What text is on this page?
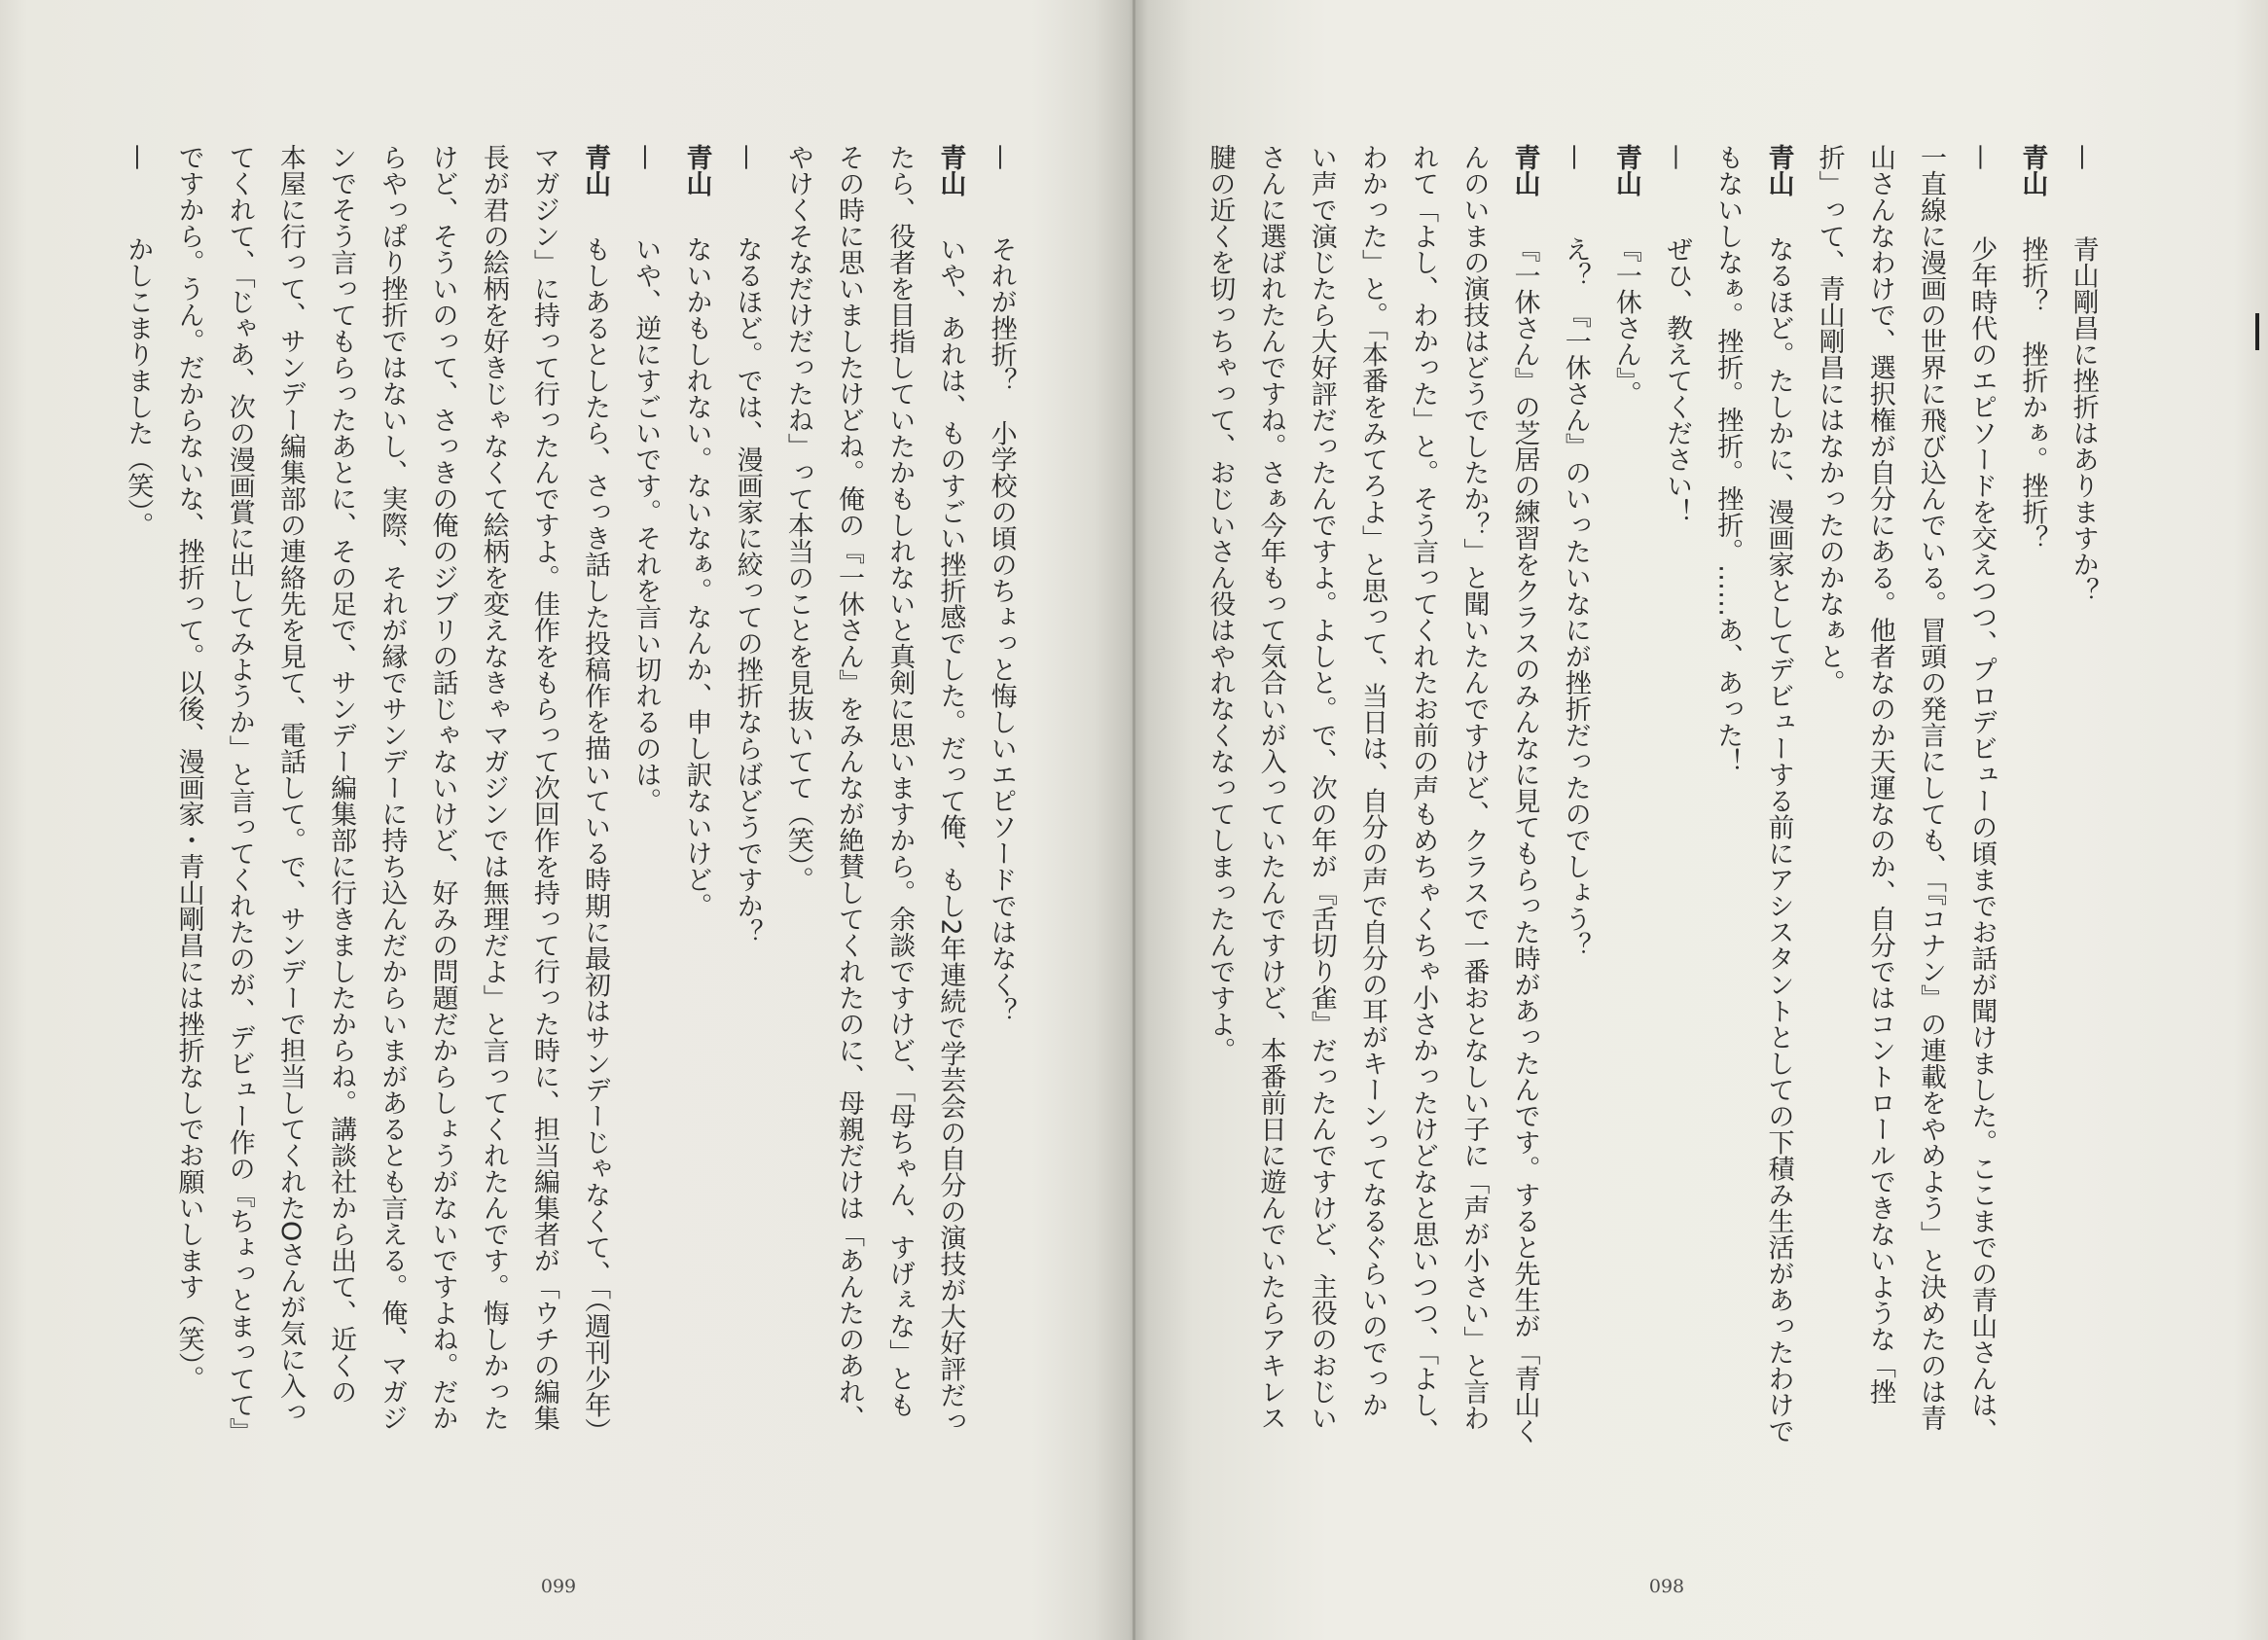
—青山剛昌に挫折はありますか？
青山挫折？　挫折かぁ。挫折？
—少年時代のエピソードを交えつつ、プロデビューの頃までお話が聞けました。ここまでの青山さんは、
一直線に漫画の世界に飛び込んでいる。冒頭の発言にしても、「『コナン』の連載をやめよう」と決めたのは青
山さんなわけで、選択権が自分にある。他者なのか天運なのか、自分ではコントロールできないような「挫
折」って、青山剛昌にはなかったのかなぁと。
青山なるほど。たしかに、漫画家としてデビューする前にアシスタントとしての下積み生活があったわけで
もないしなぁ。挫折。挫折。挫折。……あ、あった！
—ぜひ、教えてください！
青山『一休さん』。
—え？　『一休さん』のいったいなにが挫折だったのでしょう？
青山『一休さん』の芝居の練習をクラスのみんなに見てもらった時があったんです。すると先生が「青山く
んのいまの演技はどうでしたか？」と聞いたんですけど、クラスで一番おとなしい子に「声が小さい」と言わ
れて「よし、わかった」と。そう言ってくれたお前の声もめちゃくちゃ小さかったけどなと思いつつ、「よし、
わかった」と。「本番をみてろよ」と思って、当日は、自分の声で自分の耳がキーンってなるぐらいのでっか
い声で演じたら大好評だったんですよ。よしと。で、次の年が『舌切り雀』だったんですけど、主役のおじい
さんに選ばれたんですね。さぁ今年もって気合いが入っていたんですけど、本番前日に遊んでいたらアキレス
腱の近くを切っちゃって、おじいさん役はやれなくなってしまったんですよ。
—それが挫折？　小学校の頃のちょっと悔しいエピソードではなく？
青山いや、あれは、ものすごい挫折感でした。だって俺、もし2年連続で学芸会の自分の演技が大好評だっ
たら、役者を目指していたかもしれないと真剣に思いますから。余談ですけど、「母ちゃん、すげぇな」とも
その時に思いましたけどね。俺の『一休さん』をみんなが絶賛してくれたのに、母親だけは「あんたのあれ、
やけくそなだけだったね」って本当のことを見抜いてて（笑）。
—なるほど。では、漫画家に絞っての挫折ならばどうですか？
青山ないかもしれない。ないなぁ。なんか、申し訳ないけど。
—いや、逆にすごいです。それを言い切れるのは。
青山もしあるとしたら、さっき話した投稿作を描いている時期に最初はサンデーじゃなくて、「（週刊少年）
マガジン」に持って行ったんですよ。佳作をもらって次回作を持って行った時に、担当編集者が「ウチの編集
長が君の絵柄を好きじゃなくて絵柄を変えなきゃマガジンでは無理だよ」と言ってくれたんです。悔しかった
けど、そういのって、さっきの俺のジブリの話じゃないけど、好みの問題だからしょうがないですよね。だか
らやっぱり挫折ではないし、実際、それが縁でサンデーに持ち込んだからいまがあるとも言える。俺、マガジ
ンでそう言ってもらったあとに、その足で、サンデー編集部に行きましたからね。講談社から出て、近くの
本屋に行って、サンデー編集部の連絡先を見て、電話して。で、サンデーで担当してくれたOさんが気に入っ
てくれて、「じゃあ、次の漫画賞に出してみようか」と言ってくれたのが、デビュー作の『ちょっとまってて』
ですから。うん。だからないな、挫折って。以後、漫画家・青山剛昌には挫折なしでお願いします（笑）。
—かしこまりました（笑）。
099	098
